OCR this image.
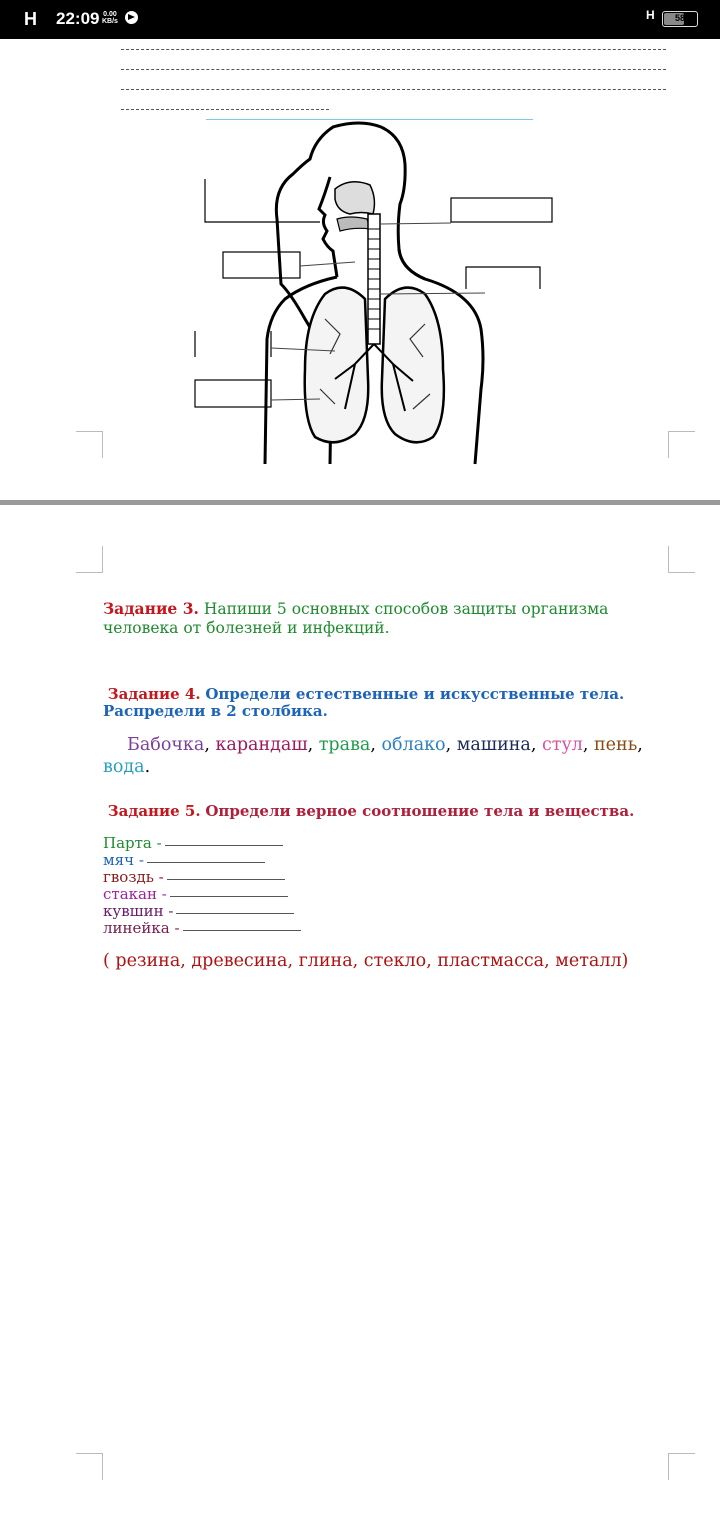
H 22:09 0.00
KB/s	H	58
Задание 3. Напиши 5 основных способов защиты организма
человека от болезней и инфекций.
Задание 4. Определи естественные и искусственные тела.
Распредели в 2 столбика.
Бабочка, карандаш, трава, облако, машина, стул, пень, вода.
Задание 5. Определи верное соотношение тела и вещества.
Парта -
мяч -
гвоздь -
стакан -
кувшин -
линейка -
( резина, древесина, глина, стекло, пластмасса, металл)
